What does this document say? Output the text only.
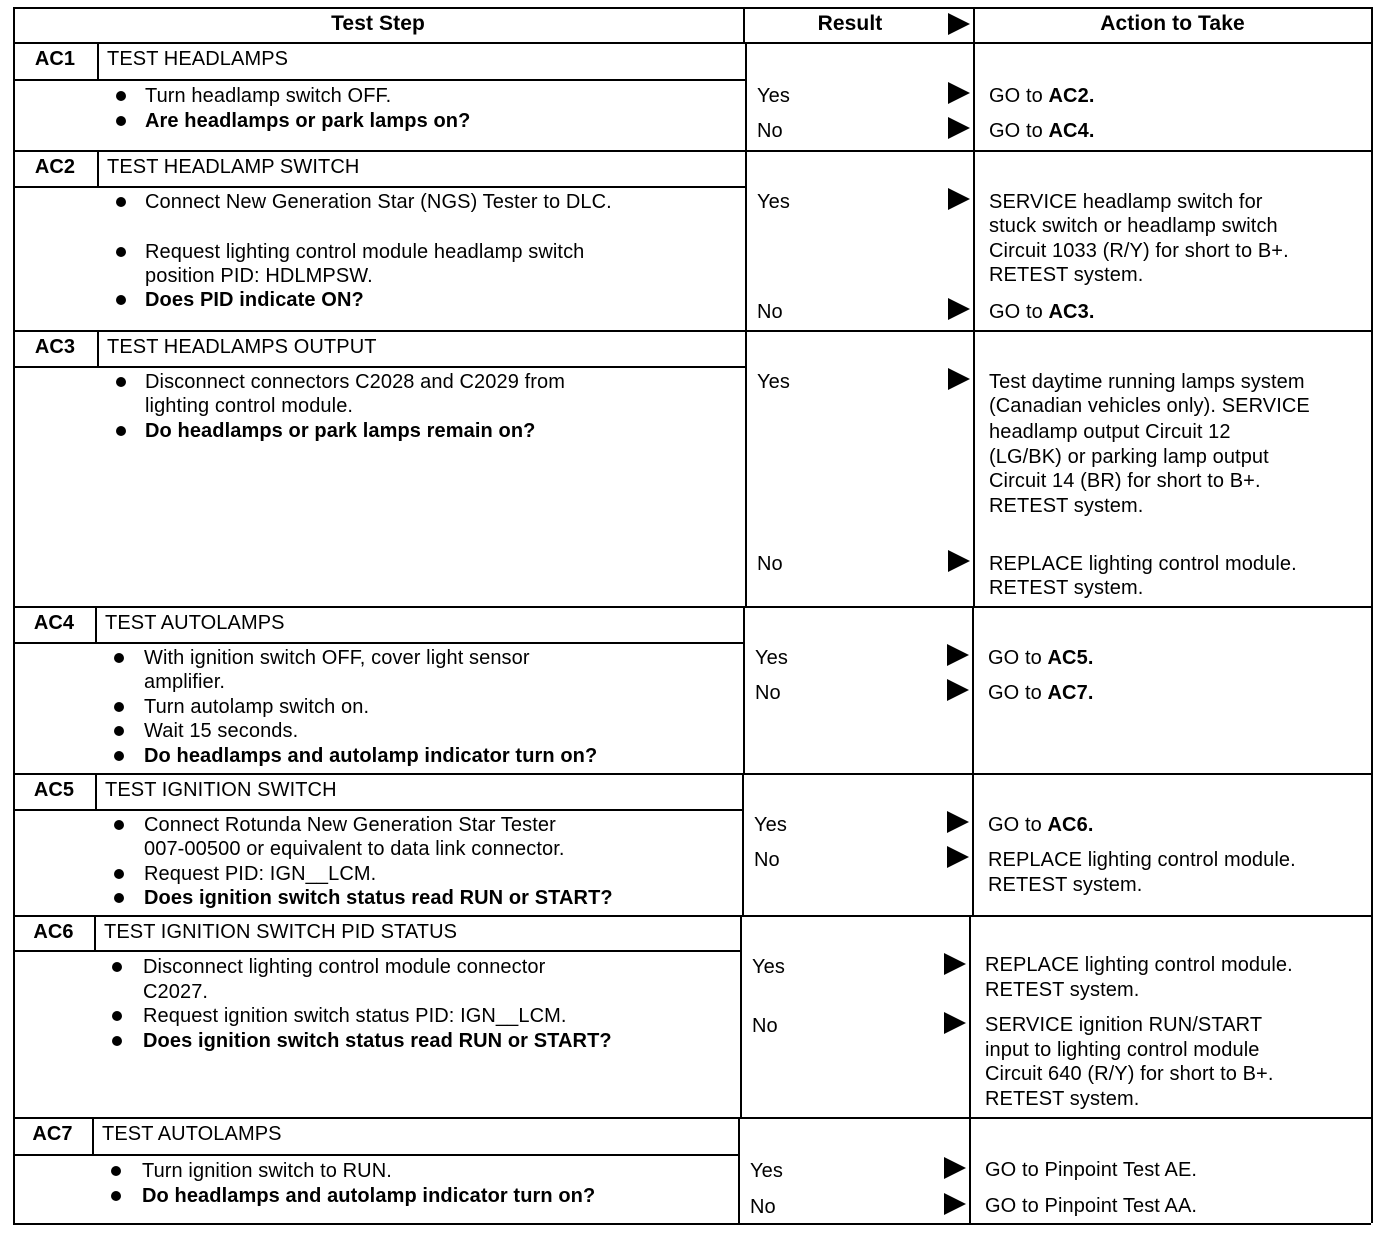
Test Step	Result	Action to Take
AC1	TEST HEADLAMPS
Turn headlamp switch OFF.
Are headlamps or park lamps on?
Yes	GO to AC2.
No	GO to AC4.
AC2	TEST HEADLAMP SWITCH
Connect New Generation Star (NGS) Tester to DLC.
Request lighting control module headlamp switch
position PID: HDLMPSW.
Does PID indicate ON?
Yes	SERVICE headlamp switch for
stuck switch or headlamp switch
Circuit 1033 (R/Y) for short to B+.
RETEST system.
No	GO to AC3.
AC3	TEST HEADLAMPS OUTPUT
Disconnect connectors C2028 and C2029 from
lighting control module.
Do headlamps or park lamps remain on?
Yes	Test daytime running lamps system
(Canadian vehicles only). SERVICE
headlamp output Circuit 12
(LG/BK) or parking lamp output
Circuit 14 (BR) for short to B+.
RETEST system.
No	REPLACE lighting control module.
RETEST system.
AC4	TEST AUTOLAMPS
With ignition switch OFF, cover light sensor
amplifier.
Turn autolamp switch on.
Wait 15 seconds.
Do headlamps and autolamp indicator turn on?
Yes	GO to AC5.
No	GO to AC7.
AC5	TEST IGNITION SWITCH
Connect Rotunda New Generation Star Tester
007-00500 or equivalent to data link connector.
Request PID: IGN__LCM.
Does ignition switch status read RUN or START?
Yes	GO to AC6.
No	REPLACE lighting control module.
RETEST system.
AC6	TEST IGNITION SWITCH PID STATUS
Disconnect lighting control module connector
C2027.
Request ignition switch status PID: IGN__LCM.
Does ignition switch status read RUN or START?
Yes	REPLACE lighting control module.
RETEST system.
No	SERVICE ignition RUN/START
input to lighting control module
Circuit 640 (R/Y) for short to B+.
RETEST system.
AC7	TEST AUTOLAMPS
Turn ignition switch to RUN.
Do headlamps and autolamp indicator turn on?
Yes	GO to Pinpoint Test AE.
No	GO to Pinpoint Test AA.
